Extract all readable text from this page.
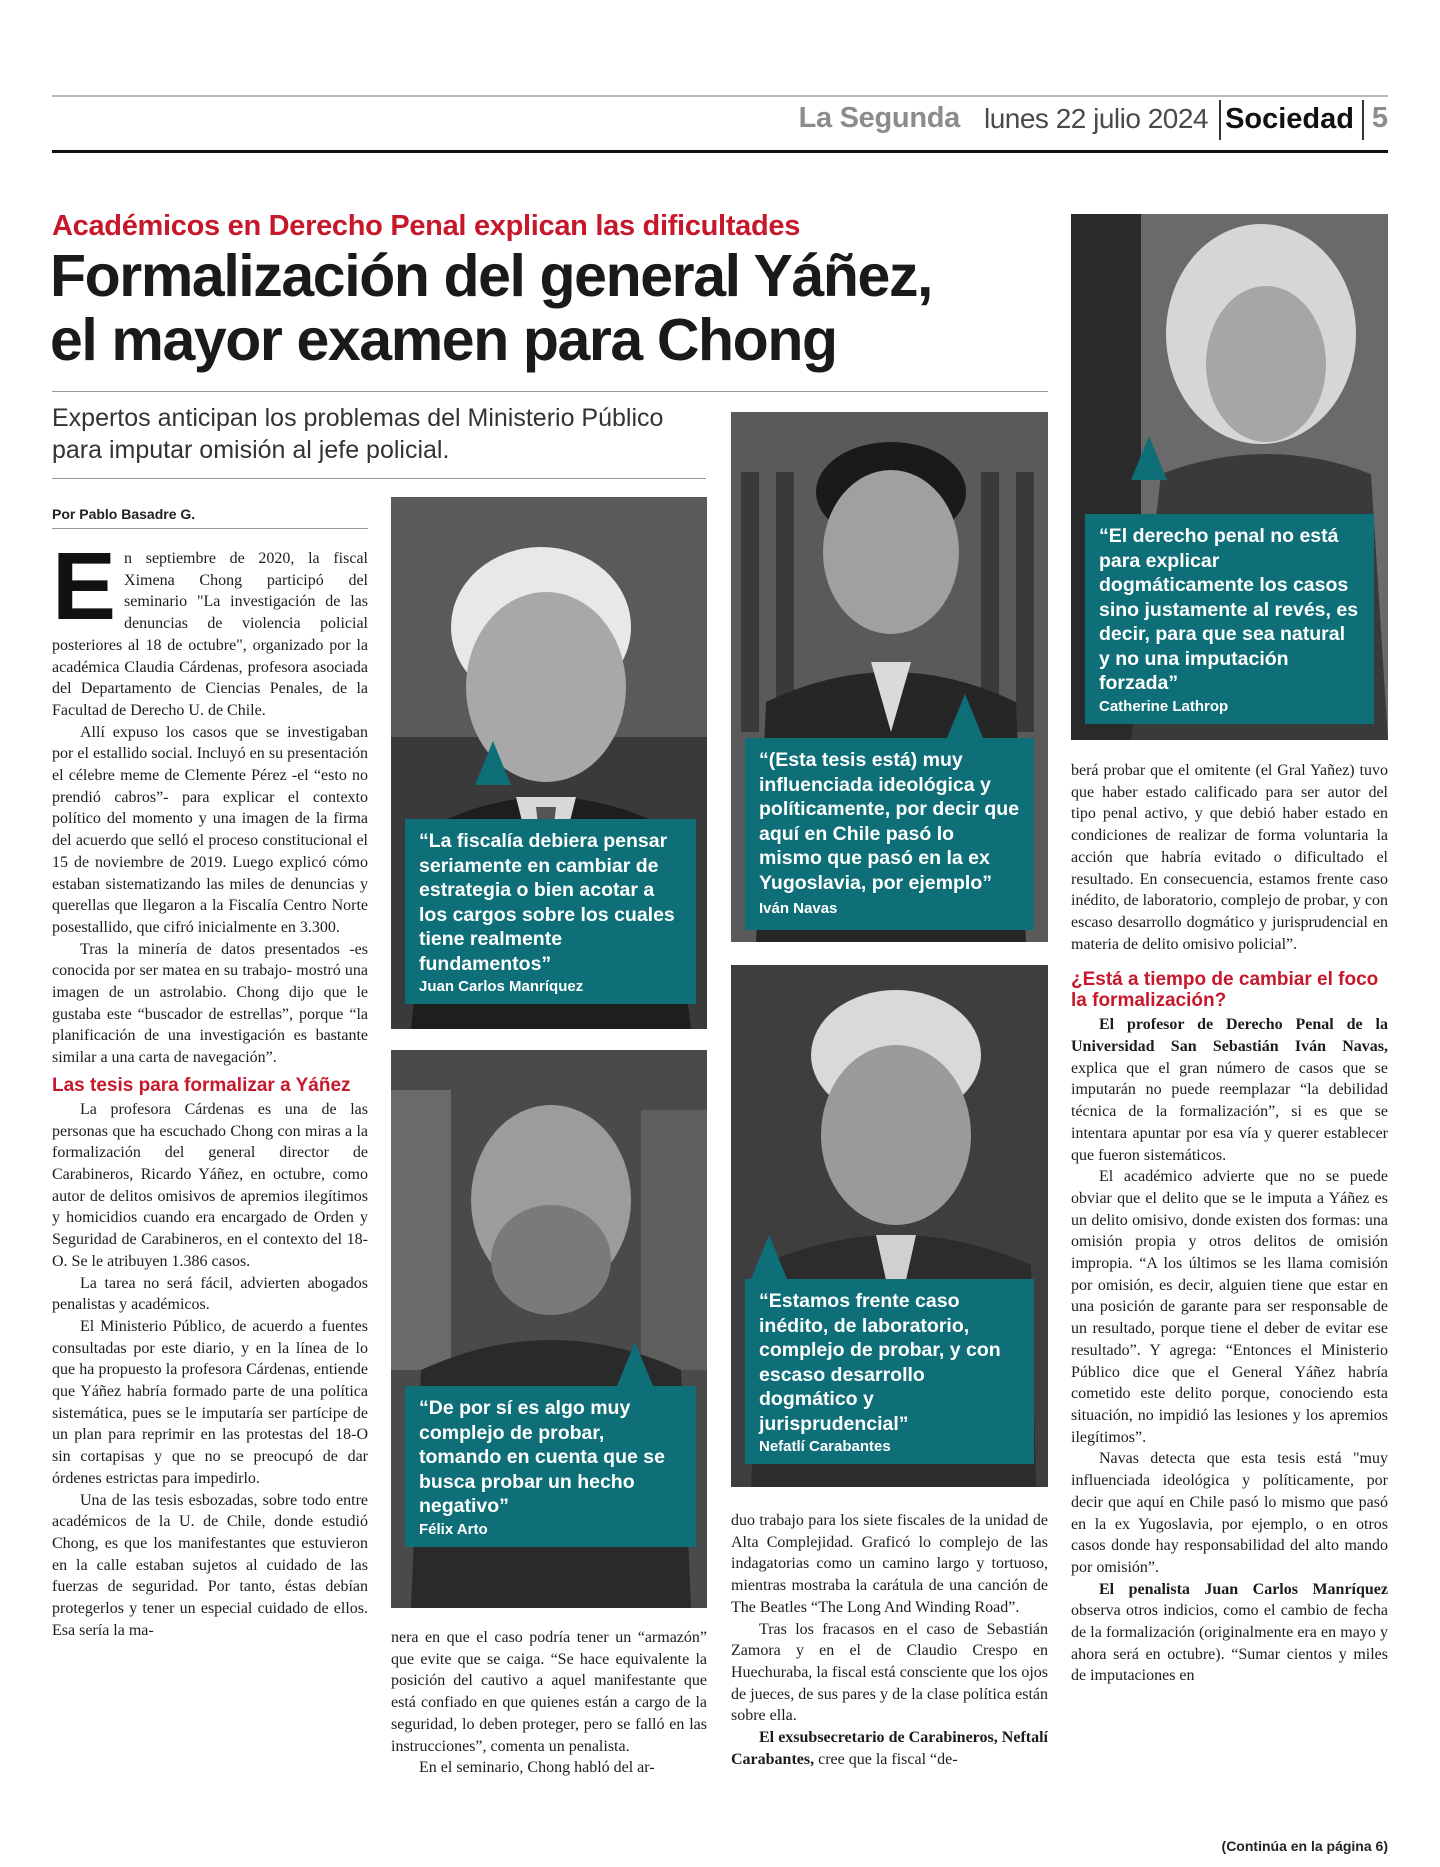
La Segunda lunes 22 julio 2024 Sociedad 5
Académicos en Derecho Penal explican las dificultades
Formalización del general Yáñez,
el mayor examen para Chong
Expertos anticipan los problemas del Ministerio Público para imputar omisión al jefe policial.
Por Pablo Basadre G.

En septiembre de 2020, la fiscal Ximena Chong participó del seminario "La investigación de las denuncias de violencia policial posteriores al 18 de octubre", organizado por la académica Claudia Cárdenas, profesora asociada del Departamento de Ciencias Penales, de la Facultad de Derecho U. de Chile.

Allí expuso los casos que se investigaban por el estallido social. Incluyó en su presentación el célebre meme de Clemente Pérez -el “esto no prendió cabros”- para explicar el contexto político del momento y una imagen de la firma del acuerdo que selló el proceso constitucional el 15 de noviembre de 2019. Luego explicó cómo estaban sistematizando las miles de denuncias y querellas que llegaron a la Fiscalía Centro Norte posestallido, que cifró inicialmente en 3.300.

Tras la minería de datos presentados -es conocida por ser matea en su trabajo- mostró una imagen de un astrolabio. Chong dijo que le gustaba este “buscador de estrellas”, porque “la planificación de una investigación es bastante similar a una carta de navegación”.

Las tesis para formalizar a Yáñez

La profesora Cárdenas es una de las personas que ha escuchado Chong con miras a la formalización del general director de Carabineros, Ricardo Yáñez, en octubre, como autor de delitos omisivos de apremios ilegítimos y homicidios cuando era encargado de Orden y Seguridad de Carabineros, en el contexto del 18-O. Se le atribuyen 1.386 casos.

La tarea no será fácil, advierten abogados penalistas y académicos.

El Ministerio Público, de acuerdo a fuentes consultadas por este diario, y en la línea de lo que ha propuesto la profesora Cárdenas, entiende que Yáñez habría formado parte de una política sistemática, pues se le imputaría ser partícipe de un plan para reprimir en las protestas del 18-O sin cortapisas y que no se preocupó de dar órdenes estrictas para impedirlo.

Una de las tesis esbozadas, sobre todo entre académicos de la U. de Chile, donde estudió Chong, es que los manifestantes que estuvieron en la calle estaban sujetos al cuidado de las fuerzas de seguridad. Por tanto, éstas debían protegerlos y tener un especial cuidado de ellos. Esa sería la ma-

“La fiscalía debiera pensar seriamente en cambiar de estrategia o bien acotar a los cargos sobre los cuales tiene realmente fundamentos”
Juan Carlos Manríquez
“De por sí es algo muy complejo de probar, tomando en cuenta que se busca probar un hecho negativo”
Félix Arto

nera en que el caso podría tener un “armazón” que evite que se caiga. “Se hace equivalente la posición del cautivo a aquel manifestante que está confiado en que quienes están a cargo de la seguridad, lo deben proteger, pero se falló en las instrucciones”, comenta un penalista.

En el seminario, Chong habló del ar-

“(Esta tesis está) muy influenciada ideológica y políticamente, por decir que aquí en Chile pasó lo mismo que pasó en la ex Yugoslavia, por ejemplo” Iván Navas
“Estamos frente caso inédito, de laboratorio, complejo de probar, y con escaso desarrollo dogmático y jurisprudencial”
Nefatlí Carabantes

duo trabajo para los siete fiscales de la unidad de Alta Complejidad. Graficó lo complejo de las indagatorias como un camino largo y tortuoso, mientras mostraba la carátula de una canción de The Beatles “The Long And Winding Road”.

Tras los fracasos en el caso de Sebastián Zamora y en el de Claudio Crespo en Huechuraba, la fiscal está consciente que los ojos de jueces, de sus pares y de la clase política están sobre ella.

El exsubsecretario de Carabineros, Neftalí Carabantes, cree que la fiscal “de-

“El derecho penal no está para explicar dogmáticamente los casos sino justamente al revés, es decir, para que sea natural y no una imputación forzada”
Catherine Lathrop

berá probar que el omitente (el Gral Yañez) tuvo que haber estado calificado para ser autor del tipo penal activo, y que debió haber estado en condiciones de realizar de forma voluntaria la acción que habría evitado o dificultado el resultado. En consecuencia, estamos frente caso inédito, de laboratorio, complejo de probar, y con escaso desarrollo dogmático y jurisprudencial en materia de delito omisivo policial”.

¿Está a tiempo de cambiar el foco la formalización?

El profesor de Derecho Penal de la Universidad San Sebastián Iván Navas, explica que el gran número de casos que se imputarán no puede reemplazar “la debilidad técnica de la formalización”, si es que se intentara apuntar por esa vía y querer establecer que fueron sistemáticos.

El académico advierte que no se puede obviar que el delito que se le imputa a Yáñez es un delito omisivo, donde existen dos formas: una omisión propia y otros delitos de omisión impropia. “A los últimos se les llama comisión por omisión, es decir, alguien tiene que estar en una posición de garante para ser responsable de un resultado, porque tiene el deber de evitar ese resultado”. Y agrega: “Entonces el Ministerio Público dice que el General Yáñez habría cometido este delito porque, conociendo esta situación, no impidió las lesiones y los apremios ilegítimos”.

Navas detecta que esta tesis está "muy influenciada ideológica y políticamente, por decir que aquí en Chile pasó lo mismo que pasó en la ex Yugoslavia, por ejemplo, o en otros casos donde hay responsabilidad del alto mando por omisión”.

El penalista Juan Carlos Manríquez observa otros indicios, como el cambio de fecha de la formalización (originalmente era en mayo y ahora será en octubre). “Sumar cientos y miles de imputaciones en

(Continúa en la página 6)
